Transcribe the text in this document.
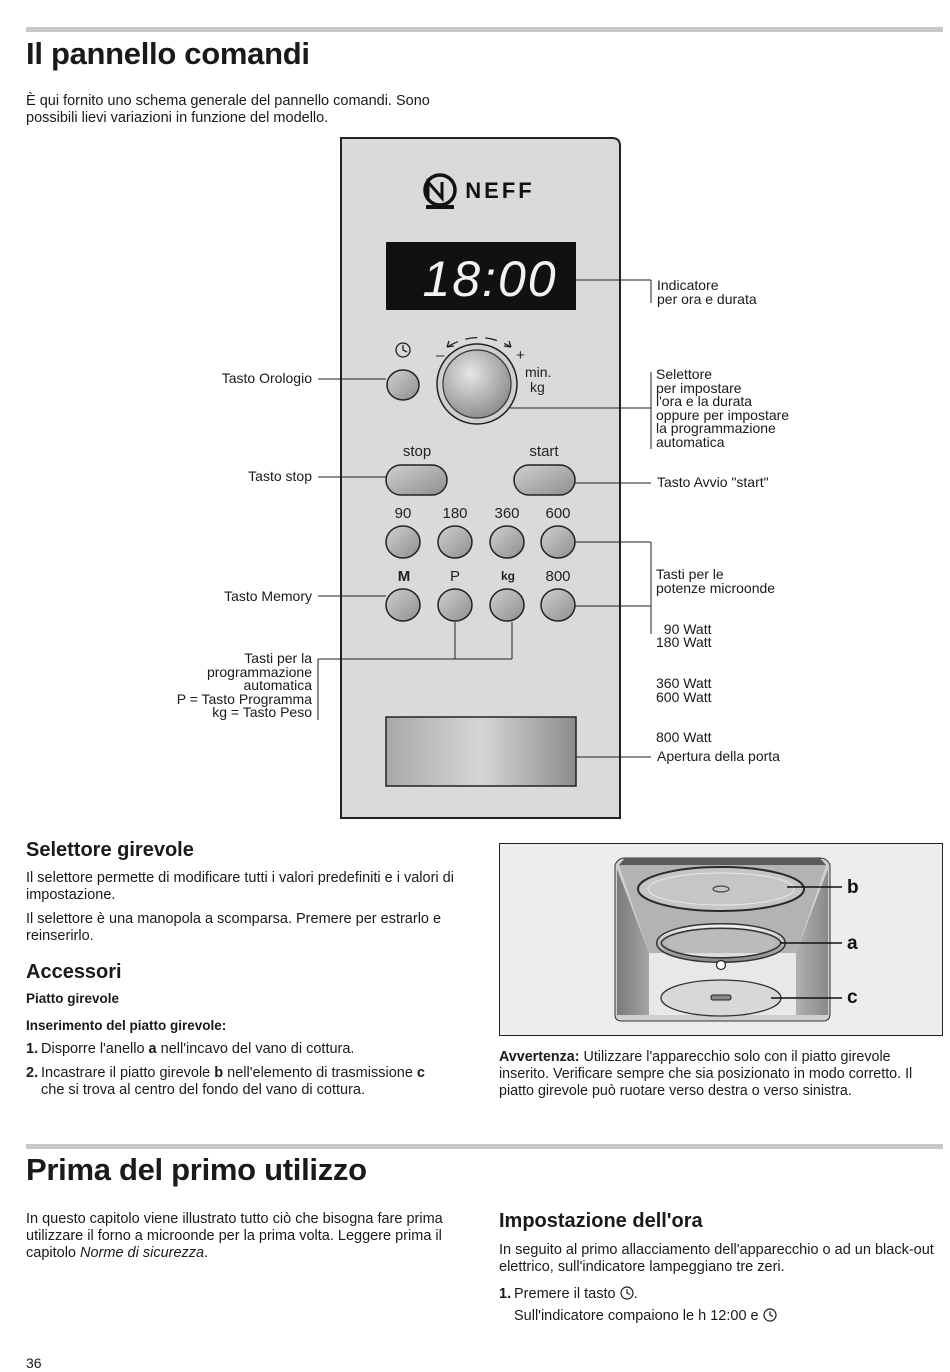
Il pannello comandi

È qui fornito uno schema generale del pannello comandi. Sono possibili lievi variazioni in funzione del modello.

NEFF
18:00
–	+
min.
kg
stop	start
90 180 360 600
M	P	kg 800
Indicatore
per ora e durata
Selettore
per impostare
l'ora e la durata
oppure per impostare
la programmazione
automatica
Tasto Avvio "start"

Tasti per le
potenze microonde

90 Watt
180 Watt

360 Watt
600 Watt

800 Watt

Apertura della porta
Tasto Orologio
Tasto stop
Tasto Memory
Tasti per la
programmazione
automatica
P = Tasto Programma
kg = Tasto Peso
Selettore girevole

Il selettore permette di modificare tutti i valori predefiniti e i valori di impostazione.

Il selettore è una manopola a scomparsa. Premere per estrarlo e reinserirlo.

Accessori

Piatto girevole

Inserimento del piatto girevole:

1. Disporre l'anello a nell'incavo del vano di cottura.

2. Incastrare il piatto girevole b nell'elemento di trasmissione c
che si trova al centro del fondo del vano di cottura.

b
a
c

Avvertenza: Utilizzare l'apparecchio solo con il piatto girevole inserito. Verificare sempre che sia posizionato in modo corretto. Il piatto girevole può ruotare verso destra o verso sinistra.

Prima del primo utilizzo

In questo capitolo viene illustrato tutto ciò che bisogna fare prima utilizzare il forno a microonde per la prima volta. Leggere prima il capitolo Norme di sicurezza.

Impostazione dell'ora

In seguito al primo allacciamento dell'apparecchio o ad un black-out elettrico, sull'indicatore lampeggiano tre zeri.

1. Premere il tasto .

Sull'indicatore compaiono le h 12:00 e

36
